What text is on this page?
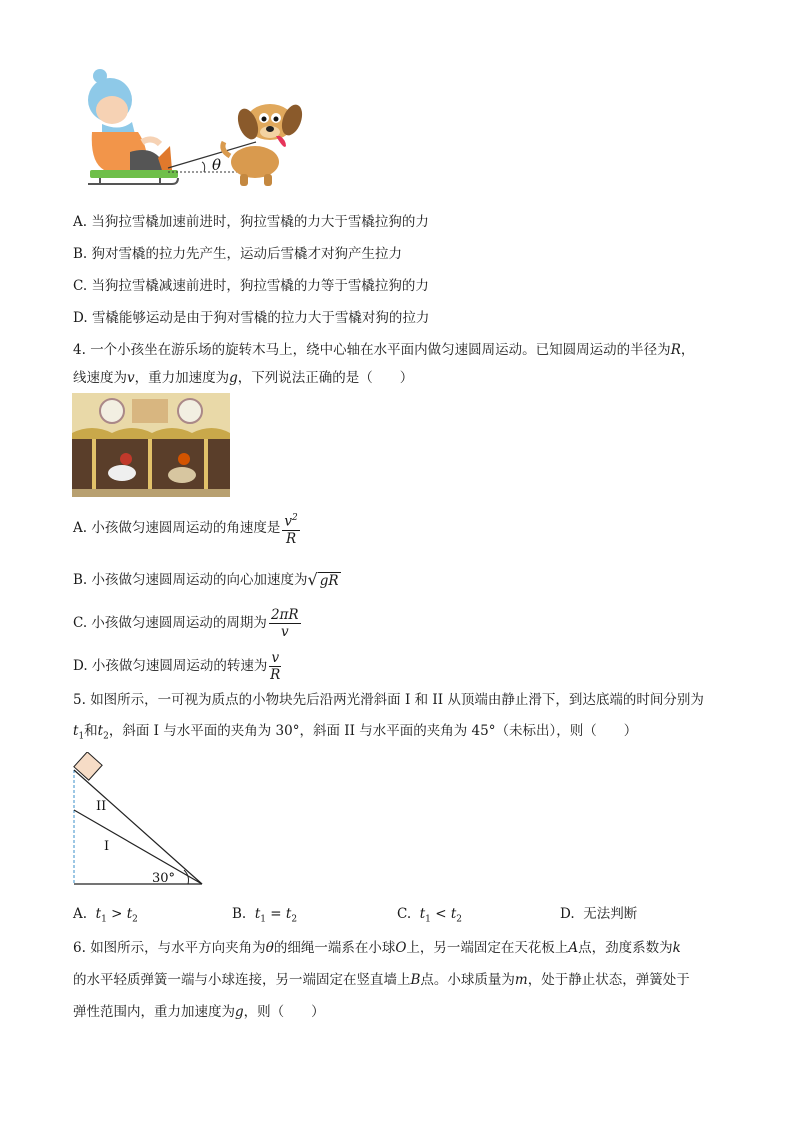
θ
A. 当狗拉雪橇加速前进时，狗拉雪橇的力大于雪橇拉狗的力
B. 狗对雪橇的拉力先产生，运动后雪橇才对狗产生拉力
C. 当狗拉雪橇减速前进时，狗拉雪橇的力等于雪橇拉狗的力
D. 雪橇能够运动是由于狗对雪橇的拉力大于雪橇对狗的拉力
4. 一个小孩坐在游乐场的旋转木马上，绕中心轴在水平面内做匀速圆周运动。已知圆周运动的半径为R，
线速度为v，重力加速度为g，下列说法正确的是（　　）
A. 小孩做匀速圆周运动的角速度是 $\frac{v^2}{R}$
B. 小孩做匀速圆周运动的向心加速度为√ gR
C. 小孩做匀速圆周运动的周期为 $\frac{2\pi R}{v}$
D. 小孩做匀速圆周运动的转速为 $\frac{v}{R}$
5. 如图所示，一可视为质点的小物块先后沿两光滑斜面 I 和 II 从顶端由静止滑下，到达底端的时间分别为
$t_1$和$t_2$，斜面 I 与水平面的夹角为 30°，斜面 II 与水平面的夹角为 45°（未标出），则（　　）
II
I
30°
A. $t_1 > t_2$	B. $t_1 = t_2$	C. $t_1 < t_2$	D. 无法判断
6. 如图所示，与水平方向夹角为θ的细绳一端系在小球O上，另一端固定在天花板上A点，劲度系数为k
的水平轻质弹簧一端与小球连接，另一端固定在竖直墙上B点。小球质量为m，处于静止状态，弹簧处于
弹性范围内，重力加速度为g，则（　　）
